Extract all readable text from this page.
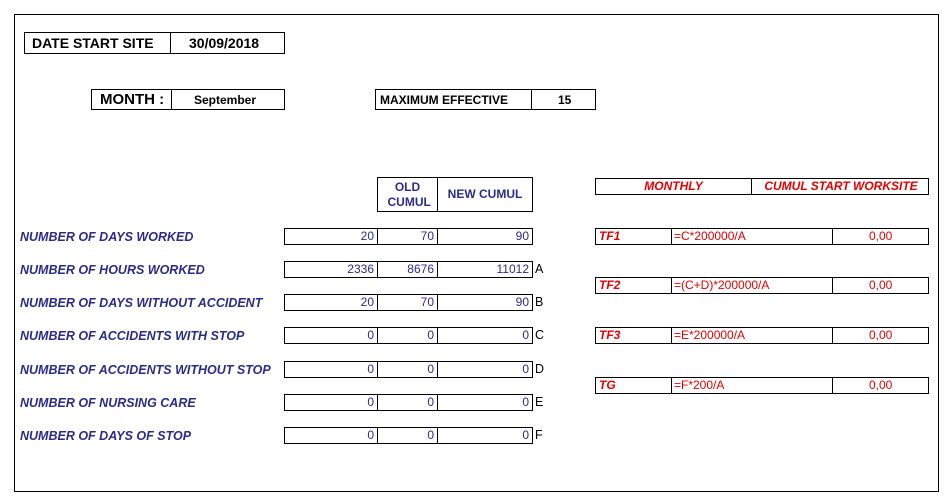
DATE START SITE	30/09/2018
MONTH : September	MAXIMUM EFFECTIVE	15
OLD CUMUL
NEW CUMUL
NUMBER OF DAYS WORKED	20	70	90
NUMBER OF HOURS WORKED	2336	8676	11012 A
NUMBER OF DAYS WITHOUT ACCIDENT	20	70	90 B
NUMBER OF ACCIDENTS WITH STOP	0	0	0 C
NUMBER OF ACCIDENTS WITHOUT STOP	0	0	0 D
NUMBER OF NURSING CARE	0	0	0 E
NUMBER OF DAYS OF STOP	0	0	0 F
MONTHLY	CUMUL START WORKSITE
TF1	=C*200000/A	0,00
TF2	=(C+D)*200000/A	0,00
TF3	=E*200000/A	0,00
TG	=F*200/A	0,00
